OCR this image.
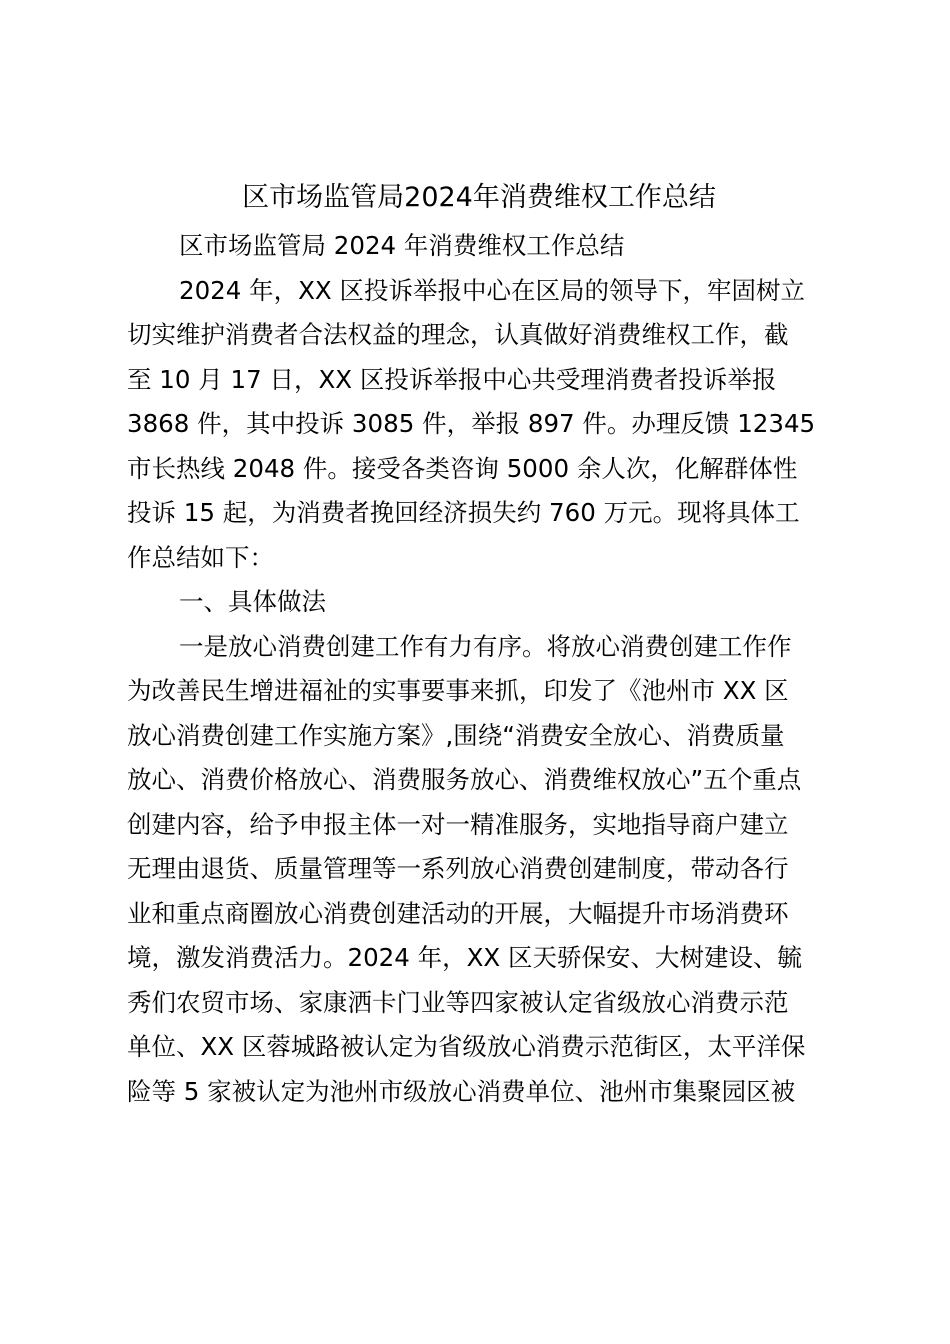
区市场监管局2024年消费维权工作总结
区市场监管局 2024 年消费维权工作总结
2024 年，XX 区投诉举报中心在区局的领导下，牢固树立
切实维护消费者合法权益的理念，认真做好消费维权工作，截
至 10 月 17 日，XX 区投诉举报中心共受理消费者投诉举报
3868 件，其中投诉 3085 件，举报 897 件。办理反馈 12345
市长热线 2048 件。接受各类咨询 5000 余人次，化解群体性
投诉 15 起，为消费者挽回经济损失约 760 万元。现将具体工
作总结如下：
一、具体做法
一是放心消费创建工作有力有序。将放心消费创建工作作
为改善民生增进福祉的实事要事来抓，印发了《池州市 XX 区
放心消费创建工作实施方案》,围绕“消费安全放心、消费质量
放心、消费价格放心、消费服务放心、消费维权放心”五个重点
创建内容，给予申报主体一对一精准服务，实地指导商户建立
无理由退货、质量管理等一系列放心消费创建制度，带动各行
业和重点商圈放心消费创建活动的开展，大幅提升市场消费环
境，激发消费活力。2024 年，XX 区天骄保安、大树建设、毓
秀们农贸市场、家康洒卡门业等四家被认定省级放心消费示范
单位、XX 区蓉城路被认定为省级放心消费示范街区，太平洋保
险等 5 家被认定为池州市级放心消费单位、池州市集聚园区被
